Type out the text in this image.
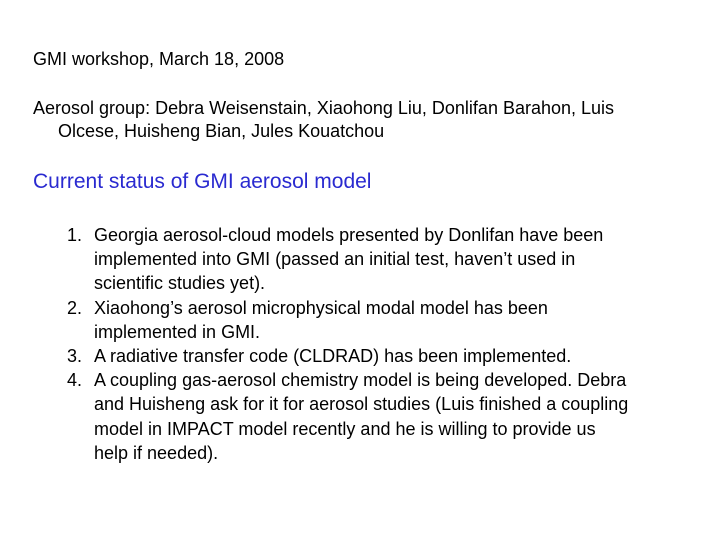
GMI workshop, March 18, 2008
Aerosol group: Debra Weisenstain, Xiaohong Liu, Donlifan Barahon, Luis
Olcese, Huisheng Bian, Jules Kouatchou
Current status of GMI aerosol model
1. Georgia aerosol-cloud models presented by Donlifan have been
implemented into GMI (passed an initial test, haven’t used in
scientific studies yet).
2. Xiaohong’s aerosol microphysical modal model has been
implemented in GMI.
3. A radiative transfer code (CLDRAD) has been implemented.
4. A coupling gas-aerosol chemistry model is being developed. Debra
and Huisheng ask for it for aerosol studies (Luis finished a coupling
model in IMPACT model recently and he is willing to provide us
help if needed).
